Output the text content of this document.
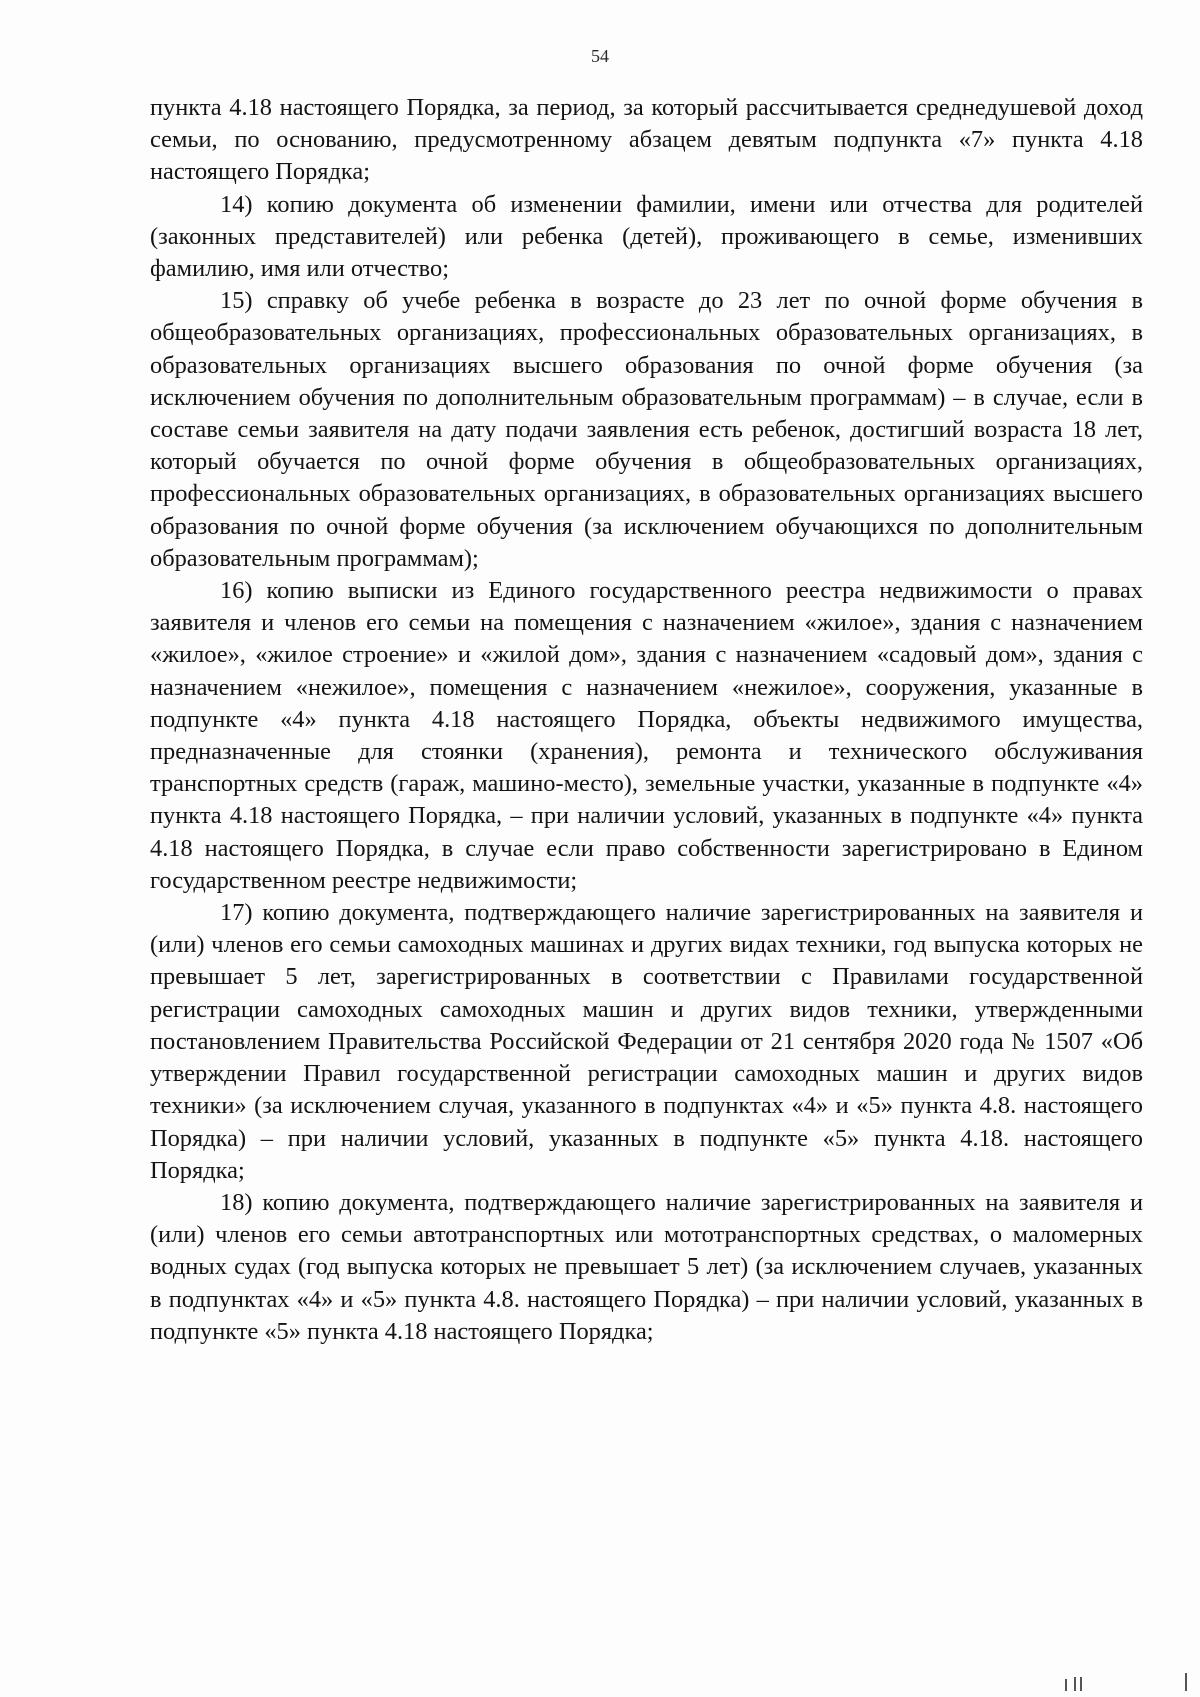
54

пункта 4.18 настоящего Порядка, за период, за который рассчитывается среднедушевой доход семьи, по основанию, предусмотренному абзацем девятым подпункта «7» пункта 4.18 настоящего Порядка;

14) копию документа об изменении фамилии, имени или отчества для родителей (законных представителей) или ребенка (детей), проживающего в семье, изменивших фамилию, имя или отчество;

15) справку об учебе ребенка в возрасте до 23 лет по очной форме обучения в общеобразовательных организациях, профессиональных образовательных организациях, в образовательных организациях высшего образования по очной форме обучения (за исключением обучения по дополнительным образовательным программам) – в случае, если в составе семьи заявителя на дату подачи заявления есть ребенок, достигший возраста 18 лет, который обучается по очной форме обучения в общеобразовательных организациях, профессиональных образовательных организациях, в образовательных организациях высшего образования по очной форме обучения (за исключением обучающихся по дополнительным образовательным программам);

16) копию выписки из Единого государственного реестра недвижимости о правах заявителя и членов его семьи на помещения с назначением «жилое», здания с назначением «жилое», «жилое строение» и «жилой дом», здания с назначением «садовый дом», здания с назначением «нежилое», помещения с назначением «нежилое», сооружения, указанные в подпункте «4» пункта 4.18 настоящего Порядка, объекты недвижимого имущества, предназначенные для стоянки (хранения), ремонта и технического обслуживания транспортных средств (гараж, машино-место), земельные участки, указанные в подпункте «4» пункта 4.18 настоящего Порядка, – при наличии условий, указанных в подпункте «4» пункта 4.18 настоящего Порядка, в случае если право собственности зарегистрировано в Едином государственном реестре недвижимости;

17) копию документа, подтверждающего наличие зарегистрированных на заявителя и (или) членов его семьи самоходных машинах и других видах техники, год выпуска которых не превышает 5 лет, зарегистрированных в соответствии с Правилами государственной регистрации самоходных самоходных машин и других видов техники, утвержденными постановлением Правительства Российской Федерации от 21 сентября 2020 года № 1507 «Об утверждении Правил государственной регистрации самоходных машин и других видов техники» (за исключением случая, указанного в подпунктах «4» и «5» пункта 4.8. настоящего Порядка) – при наличии условий, указанных в подпункте «5» пункта 4.18. настоящего Порядка;

18) копию документа, подтверждающего наличие зарегистрированных на заявителя и (или) членов его семьи автотранспортных или мототранспортных средствах, о маломерных водных судах (год выпуска которых не превышает 5 лет) (за исключением случаев, указанных в подпунктах «4» и «5» пункта 4.8. настоящего Порядка) – при наличии условий, указанных в подпункте «5» пункта 4.18 настоящего Порядка;
